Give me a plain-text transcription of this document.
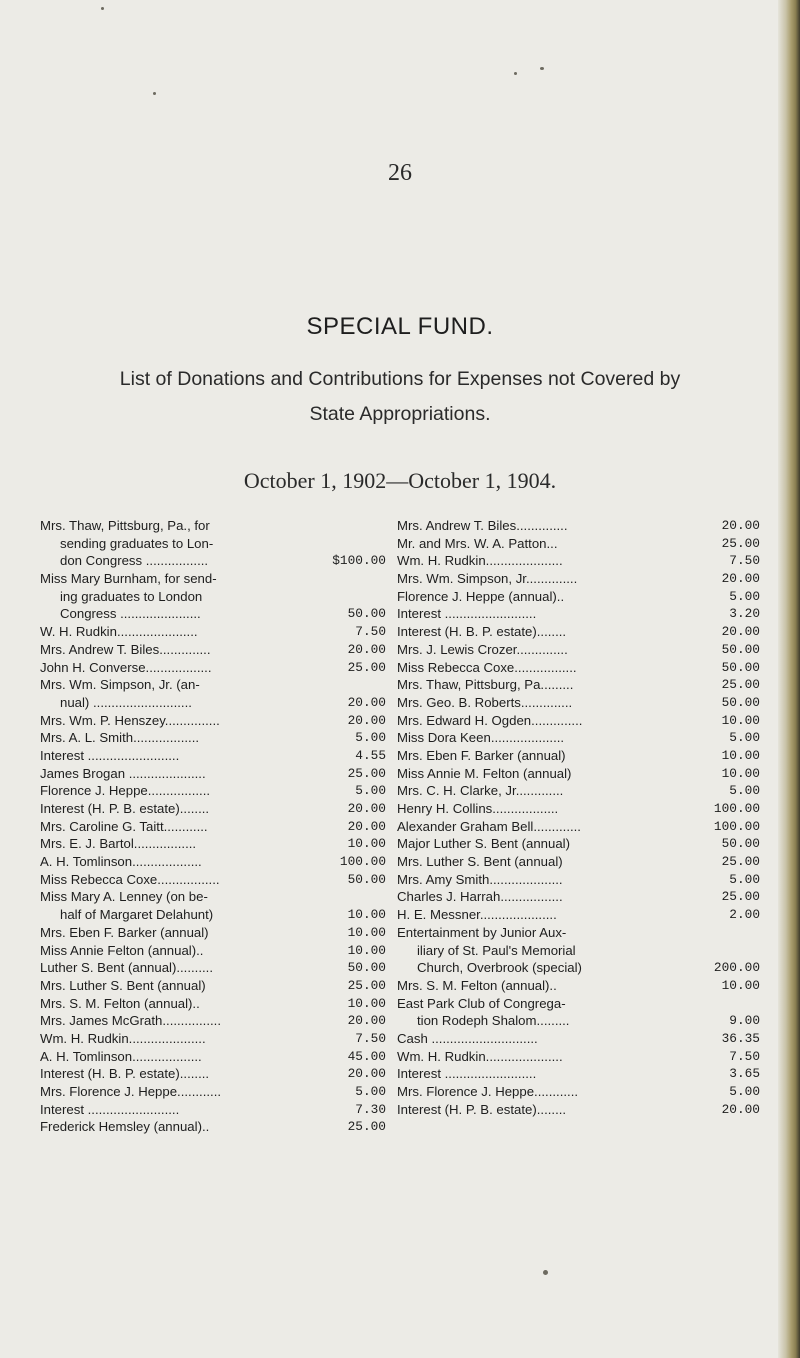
26
SPECIAL FUND.
List of Donations and Contributions for Expenses not Covered by
State Appropriations.
October 1, 1902—October 1, 1904.
Mrs. Thaw, Pittsburg, Pa., for
sending graduates to Lon-
don Congress .................	$100.00
Miss Mary Burnham, for send-
ing graduates to London
Congress ......................	50.00
W. H. Rudkin......................	7.50
Mrs. Andrew T. Biles..............	20.00
John H. Converse..................	25.00
Mrs. Wm. Simpson, Jr. (an-
nual) ...........................	20.00
Mrs. Wm. P. Henszey...............	20.00
Mrs. A. L. Smith..................	5.00
Interest .........................	4.55
James Brogan .....................	25.00
Florence J. Heppe.................	5.00
Interest (H. P. B. estate)........	20.00
Mrs. Caroline G. Taitt............	20.00
Mrs. E. J. Bartol.................	10.00
A. H. Tomlinson...................	100.00
Miss Rebecca Coxe.................	50.00
Miss Mary A. Lenney (on be-
half of Margaret Delahunt)	10.00
Mrs. Eben F. Barker (annual)	10.00
Miss Annie Felton (annual)..	10.00
Luther S. Bent (annual)..........	50.00
Mrs. Luther S. Bent (annual)	25.00
Mrs. S. M. Felton (annual)..	10.00
Mrs. James McGrath................	20.00
Wm. H. Rudkin.....................	7.50
A. H. Tomlinson...................	45.00
Interest (H. B. P. estate)........	20.00
Mrs. Florence J. Heppe............	5.00
Interest .........................	7.30
Frederick Hemsley (annual)..	25.00
Mrs. Andrew T. Biles..............	20.00
Mr. and Mrs. W. A. Patton...	25.00
Wm. H. Rudkin.....................	7.50
Mrs. Wm. Simpson, Jr..............	20.00
Florence J. Heppe (annual)..	5.00
Interest .........................	3.20
Interest (H. B. P. estate)........	20.00
Mrs. J. Lewis Crozer..............	50.00
Miss Rebecca Coxe.................	50.00
Mrs. Thaw, Pittsburg, Pa.........	25.00
Mrs. Geo. B. Roberts..............	50.00
Mrs. Edward H. Ogden..............	10.00
Miss Dora Keen....................	5.00
Mrs. Eben F. Barker (annual)	10.00
Miss Annie M. Felton (annual)	10.00
Mrs. C. H. Clarke, Jr.............	5.00
Henry H. Collins..................	100.00
Alexander Graham Bell.............	100.00
Major Luther S. Bent (annual)	50.00
Mrs. Luther S. Bent (annual)	25.00
Mrs. Amy Smith....................	5.00
Charles J. Harrah.................	25.00
H. E. Messner.....................	2.00
Entertainment by Junior Aux-
iliary of St. Paul's Memorial
Church, Overbrook (special)	200.00
Mrs. S. M. Felton (annual)..	10.00
East Park Club of Congrega-
tion Rodeph Shalom.........	9.00
Cash .............................	36.35
Wm. H. Rudkin.....................	7.50
Interest .........................	3.65
Mrs. Florence J. Heppe............	5.00
Interest (H. P. B. estate)........	20.00
